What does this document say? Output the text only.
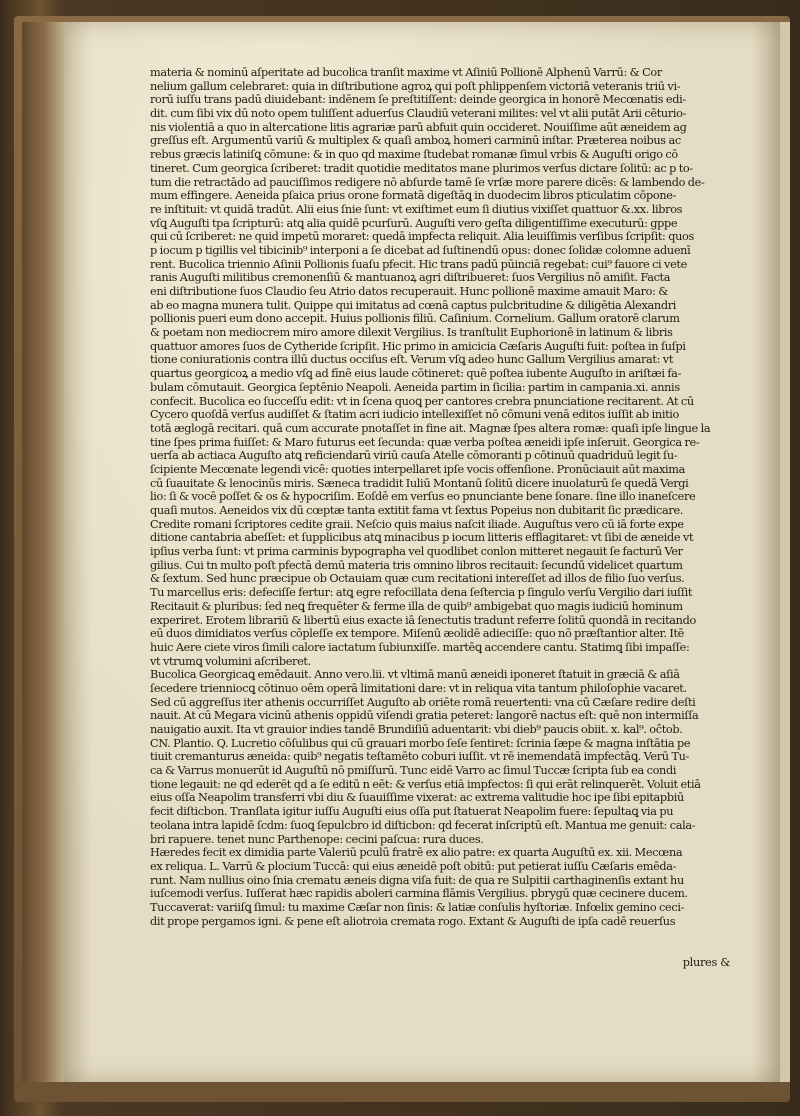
materia & nominū aſperitate ad bucolica tranſit maxime vt Aſiniū Pollionē Alphenū Varrū: & Cor
nelium gallum celebraret: quia in diſtributione agroꝝ qui poſt phlippenſem victoriā veteranis triū vi-
rorū iuſſu trans padū diuidebant̄: indēnem ſe preſtitiſſent: deinde georgica in honorē Mecœnatis edi-
dit. cum ſibi vix dū noto opem tuliſſent aduerſus Claudiū veterani milites: vel vt alii putāt Arii cēturio-
nis violentiā a quo in altercatione litis agrariæ parū abfuit quin occideret̄. Nouiſſime aūt æneidem ag
greſſus eſt. Argumentū variū & multiplex & quaſi amboꝝ homeri carminū inſtar. Præterea noibus ac
rebus græcis latiniſꝗ cōmune: & in quo qd maxime ſtudebat romanæ ſimul vrbis & Auguſti origo cō
tineret̄. Cum georgica ſcriberet: tradit̄ quotidie meditatos mane plurimos verſus dictare ſolitū: ac p to-
tum die retractādo ad pauciſſimos redigere nō abſurde tamē ſe vrſæ more parere dicēs: & lambendo de-
mum effingere. Aeneida pſaica prius orone formatā digeſtāꝗ in duodecim libros pticulatim cōpone-
re inſtituit: vt quidā tradūt. Alii eius ſnie ſunt: vt exiſtimet eum ſi diutius vixiſſet quattuor &.xx. libros
vſꝗ Auguſti tpa ſcripturū: atꝗ alia quidē pcurſurū. Auguſti vero geſta diligentiſſime executurū: gppe
qui cū ſcriberet: ne quid impetū moraret̄: quedā impfecta reliquit. Alia leuiſſimis verſibus ſcripſit: quos
p iocum p tigillis vel tibicinib⁹ interponi a ſe dicebat ad ſuſtinendū opus: donec ſolidæ colomne aduenī
rent. Bucolica triennio Aſinii Pollionis ſuaſu pfecit. Hic trans padū pūinciā regebat: cui⁹ fauore ci vete
ranis Auguſti militibus cremonenſiū & mantuanoꝝ agri diſtribueret̄: ſuos Vergilius nō amiſit. Facta
eni diſtributione ſuos Claudio ſeu Atrio datos recuperauit. Hunc pollionē maxime amauit Maro: &
ab eo magna munera tulit. Quippe qui imitatus ad cœnā captus pulcbritudine & diligētia Alexandri
pollionis pueri eum dono accepit. Huius pollionis filiū. Caſinium. Cornelium. Gallum oratorē clarum
& poetam non mediocrem miro amore dilexit Vergilius. Is tranſtulit Euphorionē in latinum & libris
quattuor amores ſuos de Cytheride ſcripſit. Hic primo in amicicia Cæſaris Auguſti fuit: poſtea in ſuſpi
tione coniurationis contra illū ductus occiſus eſt. Verum vſꝗ adeo hunc Gallum Vergilius amarat: vt
quartus georgicoꝝ a medio vſꝗ ad fīnē eius laude cōtineret: quē poſtea iubente Auguſto in ariſtæi fa-
bulam cōmutauit. Georgica ſeptēnio Neapoli. Aeneida partim in ſicilia: partim in campania.xi. annis
confecit. Bucolica eo ſucceſſu edit: vt in ſcena quoꝗ per cantores crebra pnunciatione recitarent̄. At cū
Cycero quoſdā verſus audiſſet & ſtatim acri iudicio intellexiſſet nō cōmuni venā editos iuſſit ab initio
totā æglogā recitari. quā cum accurate pnotaſſet in fine ait. Magnæ ſpes altera romæ: quaſi ipſe lingue la
tine ſpes prima fuiſſet: & Maro futurus eet ſecunda: quæ verba poſtea æneidi ipſe inſeruit. Georgica re-
uerſa ab actiaca Auguſto atꝗ reficiendarū viriū cauſa Atelle cōmoranti p cōtinuū quadriduū legit ſu-
ſcipiente Mecœnate legendi vicē: quoties interpellaret̄ ipſe vocis offenſione. Pronūciauit aūt maxima
cū ſuauitate & lenocinūs miris. Sæneca tradidit Iuliū Montanū ſolitū dicere inuolaturū ſe quedā Vergi
lio: ſi & vocē poſſet & os & hypocriſim. Eoſdē em verſus eo pnunciante bene ſonare. ſine illo inaneſcere
quaſi mutos. Aeneidos vix dū cœptæ tanta extitit fama vt ſextus Popeius non dubitarit ſic prædicare.
Credite romani ſcriptores cedite graii. Neſcio quis maius naſcit̄ iliade. Auguſtus vero cū iā forte expe
ditione cantabria abeſſet: et ſupplicibus atꝗ minacibus p iocum litteris efflagitaret: vt ſibi de æneide vt
ipſius verba ſunt: vt prima carminis bypographa vel quodlibet conlon mitteret̄ negauit ſe facturū Ver
gilius. Cui tn multo poſt pfectā demū materia tris omnino libros recitauit: ſecundū videlicet quartum
& ſextum. Sed hunc præcipue ob Octauiam quæ cum recitationi intereſſet ad illos de filio ſuo verſus.
Tu marcellus eris: defeciſſe fertur: atꝗ egre refocillata dena ſeſtercia p ſingulo verſu Vergilio dari iuſſit
Recitauit & pluribus: ſed neꝗ frequēter & ferme illa de quib⁹ ambigebat quo magis iudiciū hominum
experiret̄. Erotem librariū & libertū eius exacte iā ſenectutis tradunt referre ſolitū quondā in recitando
eū duos dimidiatos verſus cōpleſſe ex tempore. Miſenū æolidē adieciſſe: quo nō præſtantior alter. Itē
huic Aere ciete viros ſimili calore iactatum ſubiunxiſſe. martēꝗ accendere cantu. Statimꝗ ſibi impaſſe:
vt vtrumꝗ volumini aſcriberet.
Bucolica Georgicaꝗ emēdauit. Anno vero.lii. vt vltimā manū æneidi iponeret ſtatuit in græciā & aſiā
ſecedere trienniocꝗ cōtinuo oēm operā limitationi dare: vt in reliqua vita tantum philoſophie vacaret.
Sed cū aggreſſus iter athenis occurriſſet Auguſto ab oriēte romā reuertenti: vna cū Cæſare redire deſti
nauit. At cū Megara vicinū athenis oppidū viſendi gratia peteret: langorē nactus eſt: quē non intermiſſa
nauigatio auxit. Ita vt grauior indies tandē Brundiſiū aduentarit: vbi dieb⁹ paucis obiit. x. kal⁹. oĉtob.
CN. Plantio. Q. Lucretio cōſulibus qui cū grauari morbo ſeſe ſentiret: ſcrinia ſæpe & magna inſtātia pe
tiuit cremanturus æneida: quib⁹ negatis teſtamēto coburi iuſſit. vt rē inemendatā impfectāꝗ. Verū Tu-
ca & Varrus monuerūt id Auguſtū nō pmiſſurū. Tunc eidē Varro ac ſimul Tuccæ ſcripta ſub ea condi
tione legauit: ne qd ederēt qd a ſe editū n eēt: & verſus etiā impfectos: ſi qui erāt relinquerēt. Voluit etiā
eius oſſa Neapolim transferri vbi diu & ſuauiſſime vixerat: ac extrema valitudie hoc ipe ſibi epitapbiū
fecit diſticbon. Tranſlata igitur iuſſu Auguſti eius oſſa put ſtatuerat Neapolim fuere: ſepultaꝗ via pu
teolana intra lapidē ſcdm: ſuoꝗ ſepulcbro id diſticbon: qd fecerat inſcriptū eſt. Mantua me genuit: cala-
bri rapuere. tenet nunc Parthenope: cecini paſcua: rura duces.
Hæredes fecit ex dimidia parte Valeriū pculū fratrē ex alio patre: ex quarta Auguſtū ex. xii. Mecœna
ex reliqua. L. Varrū & plocium Tuccā: qui eius æneidē poſt obitū: put petierat iuſſu Cæſaris emēda-
runt. Nam nullius oino ſnia crematu æneis digna viſa fuit: de qua re Sulpitii carthaginenſis extant hu
iuſcemodi verſus. Iuſſerat hæc rapidis aboleri carmina flāmis Vergilius. pbrygū quæ cecinere ducem.
Tuccaverat: variiſꝗ ſimul: tu maxime Cæſar non ſinis: & latiæ conſulis hyſtoriæ. Infœlix gemino ceci-
dit prope pergamos igni. & pene eſt aliotroia cremata rogo. Extant & Auguſti de ipſa cadē reuerſus
plures &
